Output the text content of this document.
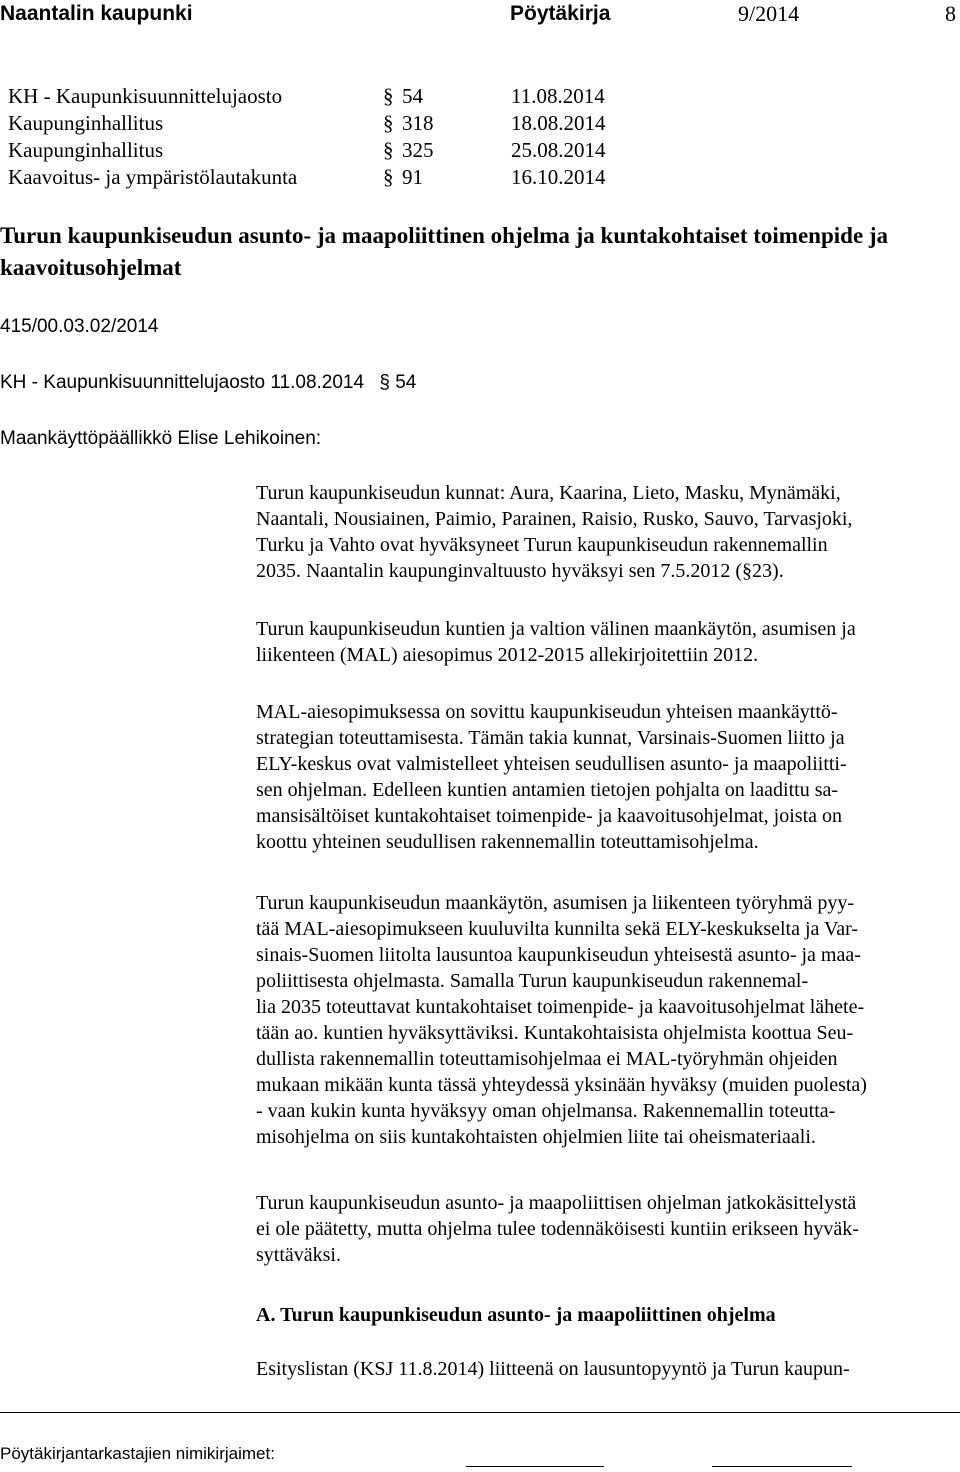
Naantalin kaupunki	Pöytäkirja	9/2014	8
KH - Kaupunkisuunnittelujaosto	§ 54	11.08.2014
Kaupunginhallitus	§ 318	18.08.2014
Kaupunginhallitus	§ 325	25.08.2014
Kaavoitus- ja ympäristölautakunta	§ 91	16.10.2014
Turun kaupunkiseudun asunto- ja maapoliittinen ohjelma ja kuntakohtaiset toimenpide ja kaavoitusohjelmat
415/00.03.02/2014
KH - Kaupunkisuunnittelujaosto 11.08.2014 § 54
Maankäyttöpäällikkö Elise Lehikoinen:
Turun kaupunkiseudun kunnat: Aura, Kaarina, Lieto, Masku, Mynämäki,
Naantali, Nousiainen, Paimio, Parainen, Raisio, Rusko, Sauvo, Tarvasjoki,
Turku ja Vahto ovat hyväksyneet Turun kaupunkiseudun rakennemallin
2035. Naantalin kaupunginvaltuusto hyväksyi sen 7.5.2012 (§23).
Turun kaupunkiseudun kuntien ja valtion välinen maankäytön, asumisen ja
liikenteen (MAL) aiesopimus 2012-2015 allekirjoitettiin 2012.
MAL-aiesopimuksessa on sovittu kaupunkiseudun yhteisen maankäyttö-
strategian toteuttamisesta. Tämän takia kunnat, Varsinais-Suomen liitto ja
ELY-keskus ovat valmistelleet yhteisen seudullisen asunto- ja maapoliitti-
sen ohjelman. Edelleen kuntien antamien tietojen pohjalta on laadittu sa-
mansisältöiset kuntakohtaiset toimenpide- ja kaavoitusohjelmat, joista on
koottu yhteinen seudullisen rakennemallin toteuttamisohjelma.
Turun kaupunkiseudun maankäytön, asumisen ja liikenteen työryhmä pyy-
tää MAL-aiesopimukseen kuuluvilta kunnilta sekä ELY-keskukselta ja Var-
sinais-Suomen liitolta lausuntoa kaupunkiseudun yhteisestä asunto- ja maa-
poliittisesta ohjelmasta. Samalla Turun kaupunkiseudun rakennemal-
lia 2035 toteuttavat kuntakohtaiset toimenpide- ja kaavoitusohjelmat lähete-
tään ao. kuntien hyväksyttäviksi. Kuntakohtaisista ohjelmista koottua Seu-
dullista rakennemallin toteuttamisohjelmaa ei MAL-työryhmän ohjeiden
mukaan mikään kunta tässä yhteydessä yksinään hyväksy (muiden puolesta)
- vaan kukin kunta hyväksyy oman ohjelmansa. Rakennemallin toteutta-
misohjelma on siis kuntakohtaisten ohjelmien liite tai oheismateriaali.
Turun kaupunkiseudun asunto- ja maapoliittisen ohjelman jatkokäsittelystä
ei ole päätetty, mutta ohjelma tulee todennäköisesti kuntiin erikseen hyväk-
syttäväksi.
A. Turun kaupunkiseudun asunto- ja maapoliittinen ohjelma
Esityslistan (KSJ 11.8.2014) liitteenä on lausuntopyyntö ja Turun kaupun-
Pöytäkirjantarkastajien nimikirjaimet:
